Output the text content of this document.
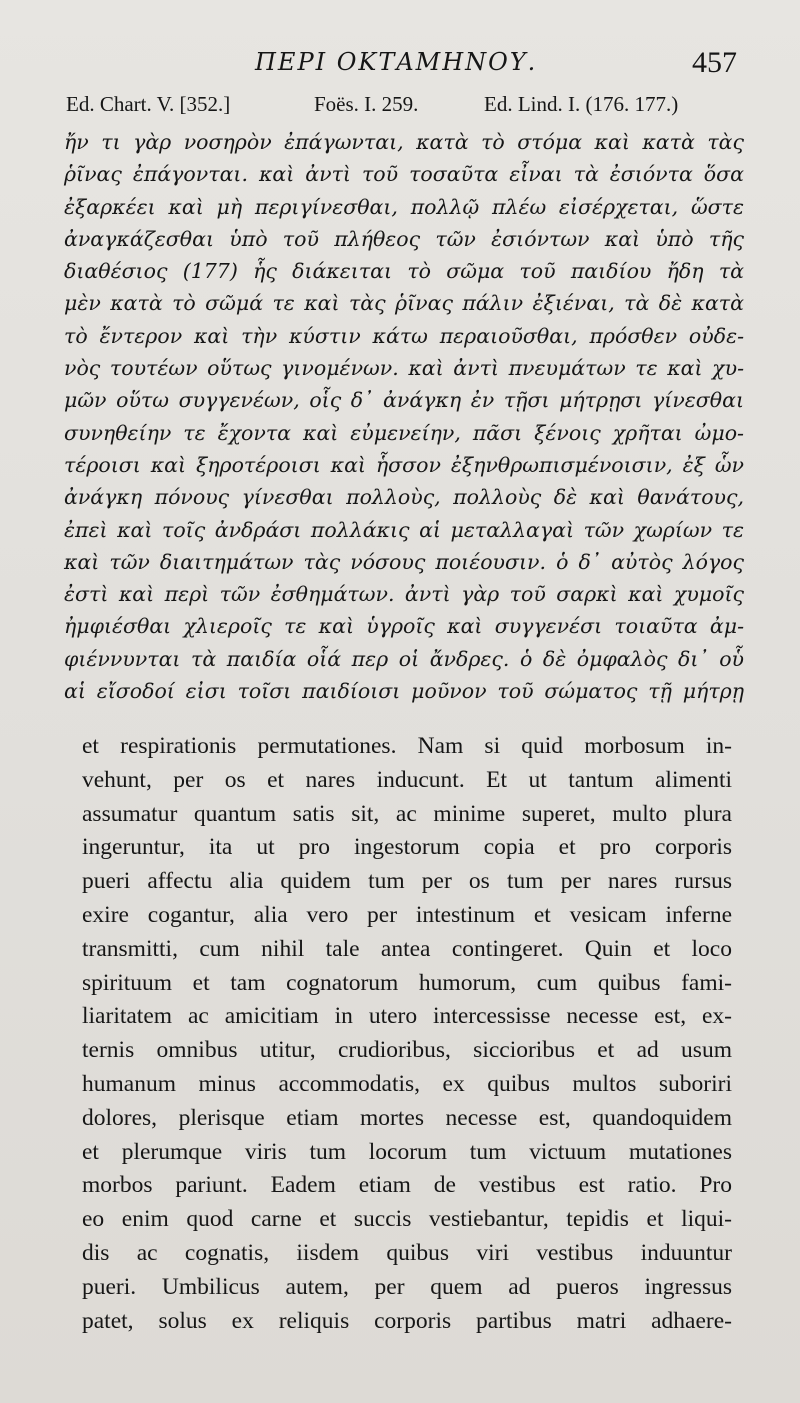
ΠΕΡΙ ΟΚΤΑΜΗΝΟΥ.	457
Ed. Chart. V. [352.]	Foës. I. 259.	Ed. Lind. I. (176. 177.)
ἤν τι γὰρ νοσηρὸν ἐπάγωνται, κατὰ τὸ στόμα καὶ κατὰ τὰς
ῥῖνας ἐπάγονται. καὶ ἀντὶ τοῦ τοσαῦτα εἶναι τὰ ἐσιόντα ὅσα
ἐξαρκέει καὶ μὴ περιγίνεσθαι, πολλῷ πλέω εἰσέρχεται, ὥστε
ἀναγκάζεσθαι ὑπὸ τοῦ πλήθεος τῶν ἐσιόντων καὶ ὑπὸ τῆς
διαθέσιος (177) ἧς διάκειται τὸ σῶμα τοῦ παιδίου ἤδη τὰ
μὲν κατὰ τὸ σῶμά τε καὶ τὰς ῥῖνας πάλιν ἐξιέναι, τὰ δὲ κατὰ
τὸ ἔντερον καὶ τὴν κύστιν κάτω περαιοῦσθαι, πρόσθεν οὐδε-
νὸς τουτέων οὕτως γινομένων. καὶ ἀντὶ πνευμάτων τε καὶ χυ-
μῶν οὕτω συγγενέων, οἷς δ᾽ ἀνάγκη ἐν τῇσι μήτρῃσι γίνεσθαι
συνηθείην τε ἔχοντα καὶ εὐμενείην, πᾶσι ξένοις χρῆται ὠμο-
τέροισι καὶ ξηροτέροισι καὶ ἧσσον ἐξηνθρωπισμένοισιν, ἐξ ὧν
ἀνάγκη πόνους γίνεσθαι πολλοὺς, πολλοὺς δὲ καὶ θανάτους,
ἐπεὶ καὶ τοῖς ἀνδράσι πολλάκις αἱ μεταλλαγαὶ τῶν χωρίων τε
καὶ τῶν διαιτημάτων τὰς νόσους ποιέουσιν. ὁ δ᾽ αὐτὸς λόγος
ἐστὶ καὶ περὶ τῶν ἐσθημάτων. ἀντὶ γὰρ τοῦ σαρκὶ καὶ χυμοῖς
ἠμφιέσθαι χλιεροῖς τε καὶ ὑγροῖς καὶ συγγενέσι τοιαῦτα ἀμ-
φιέννυνται τὰ παιδία οἷά περ οἱ ἄνδρες. ὁ δὲ ὀμφαλὸς δι᾽ οὗ
αἱ εἴσοδοί εἰσι τοῖσι παιδίοισι μοῦνον τοῦ σώματος τῇ μήτρῃ
et respirationis permutationes. Nam si quid morbosum in-
vehunt, per os et nares inducunt. Et ut tantum alimenti
assumatur quantum satis sit, ac minime superet, multo plura
ingeruntur, ita ut pro ingestorum copia et pro corporis
pueri affectu alia quidem tum per os tum per nares rursus
exire cogantur, alia vero per intestinum et vesicam inferne
transmitti, cum nihil tale antea contingeret. Quin et loco
spirituum et tam cognatorum humorum, cum quibus fami-
liaritatem ac amicitiam in utero intercessisse necesse est, ex-
ternis omnibus utitur, crudioribus, siccioribus et ad usum
humanum minus accommodatis, ex quibus multos suboriri
dolores, plerisque etiam mortes necesse est, quandoquidem
et plerumque viris tum locorum tum victuum mutationes
morbos pariunt. Eadem etiam de vestibus est ratio. Pro
eo enim quod carne et succis vestiebantur, tepidis et liqui-
dis ac cognatis, iisdem quibus viri vestibus induuntur
pueri. Umbilicus autem, per quem ad pueros ingressus
patet, solus ex reliquis corporis partibus matri adhaere-
